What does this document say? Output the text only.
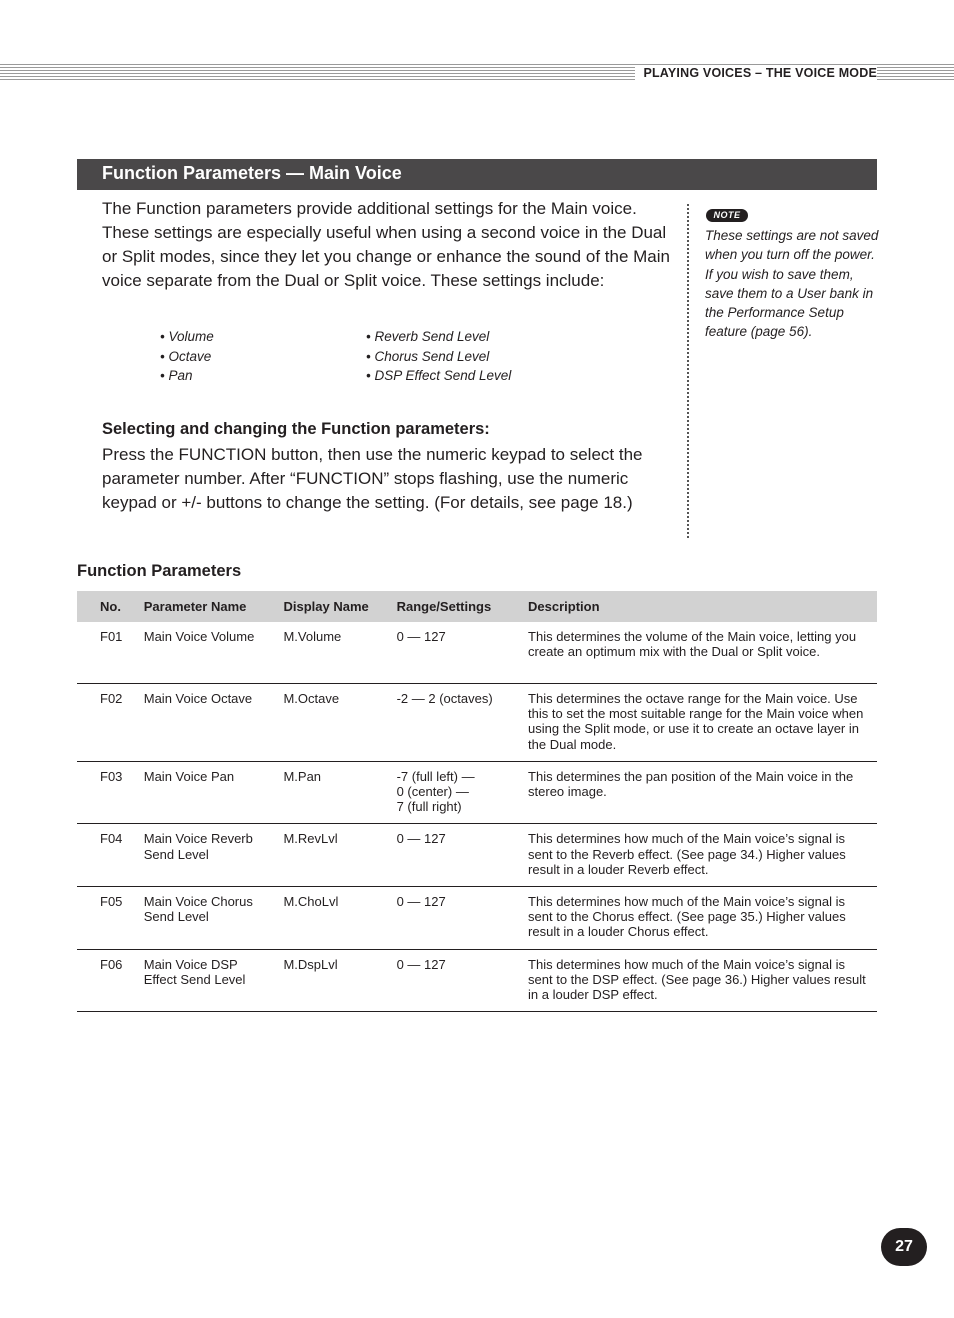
PLAYING VOICES – THE VOICE MODE
Function Parameters — Main Voice

The Function parameters provide additional settings for the Main voice. These settings are especially useful when using a second voice in the Dual or Split modes, since they let you change or enhance the sound of the Main voice separate from the Dual or Split voice. These settings include:

• Volume
• Octave
• Pan
• Reverb Send Level
• Chorus Send Level
• DSP Effect Send Level
Selecting and changing the Function parameters:

Press the FUNCTION button, then use the numeric keypad to select the parameter number. After “FUNCTION” stops flashing, use the numeric keypad or +/- buttons to change the setting. (For details, see page 18.)

NOTE

These settings are not saved when you turn off the power. If you wish to save them, save them to a User bank in the Performance Setup feature (page 56).

Function Parameters
No.	Parameter Name	Display Name	Range/Settings	Description
F01	Main Voice Volume	M.Volume	0 — 127	This determines the volume of the Main voice, letting you create an optimum mix with the Dual or Split voice.
F02	Main Voice Octave	M.Octave	-2 — 2 (octaves)	This determines the octave range for the Main voice. Use this to set the most suitable range for the Main voice when using the Split mode, or use it to create an octave layer in the Dual mode.
F03	Main Voice Pan	M.Pan	-7 (full left) —
0 (center) —
7 (full right)	This determines the pan position of the Main voice in the stereo image.
F04	Main Voice Reverb
Send Level	M.RevLvl	0 — 127	This determines how much of the Main voice’s signal is sent to the Reverb effect. (See page 34.) Higher values result in a louder Reverb effect.
F05	Main Voice Chorus
Send Level	M.ChoLvl	0 — 127	This determines how much of the Main voice’s signal is sent to the Chorus effect. (See page 35.) Higher values result in a louder Chorus effect.
F06	Main Voice DSP
Effect Send Level	M.DspLvl	0 — 127	This determines how much of the Main voice’s signal is sent to the DSP effect. (See page 36.) Higher values result in a louder DSP effect.
27
